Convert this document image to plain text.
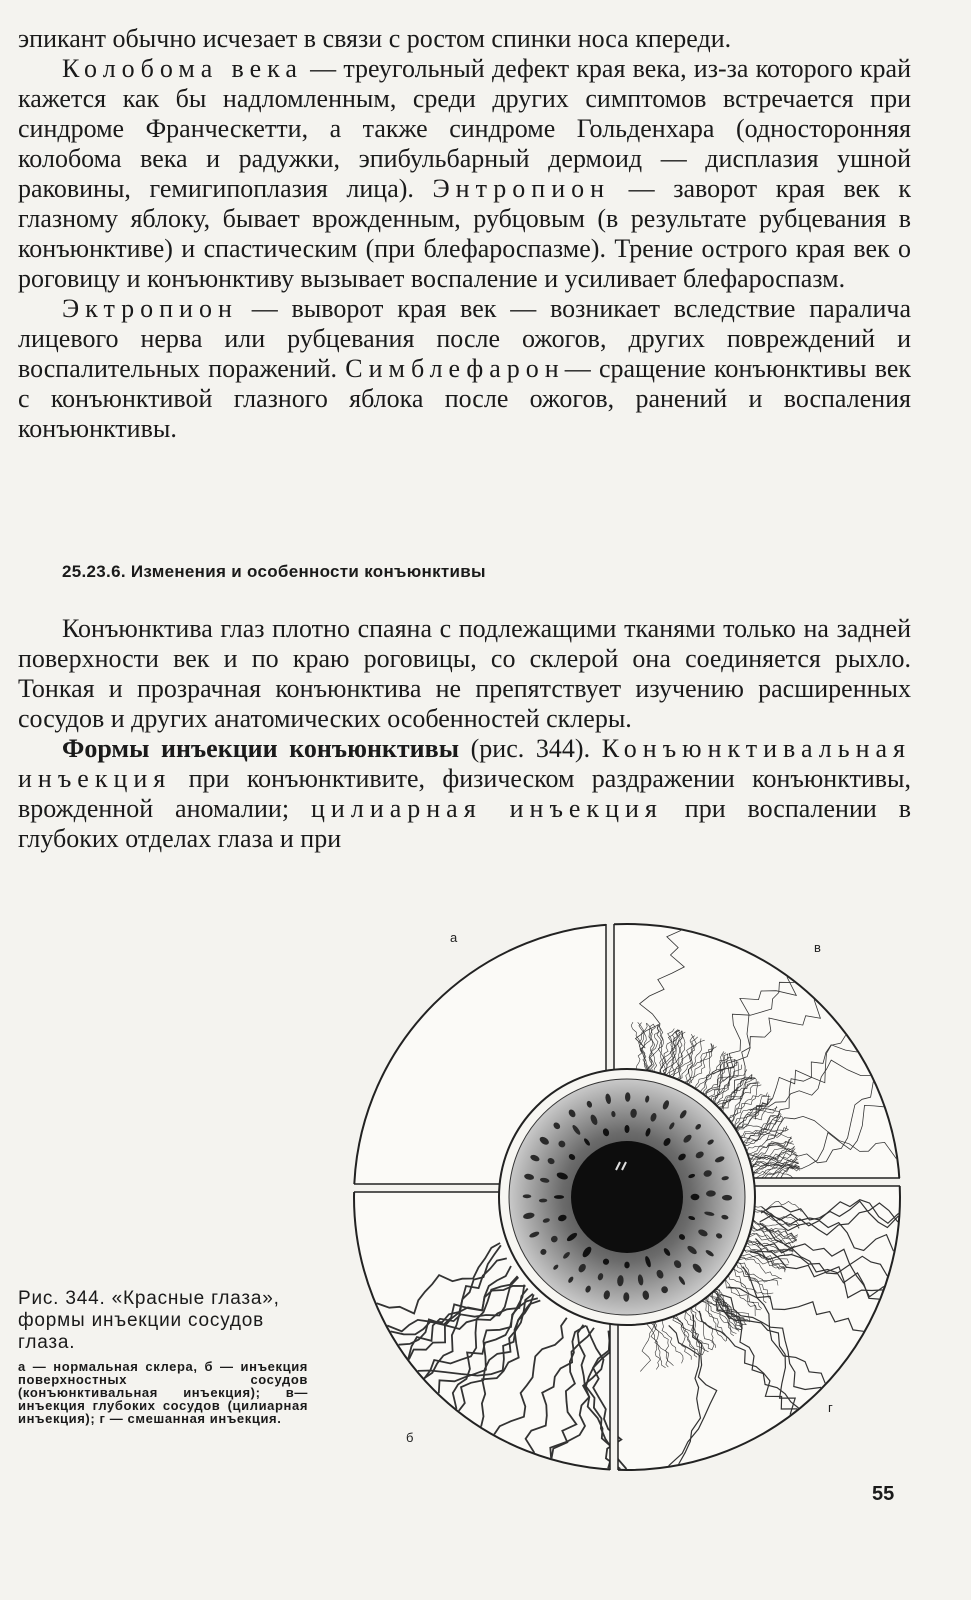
эпикант обычно исчезает в связи с ростом спинки носа кпереди.

Колобома века — треугольный дефект края века, из-за которого край кажется как бы надломленным, среди других симптомов встречается при синдроме Франческетти, а также синдроме Гольденхара (односторонняя колобома века и радужки, эпибульбарный дермоид — дисплазия ушной раковины, гемигипоплазия лица). Энтропион — заворот края век к глазному яблоку, бывает врожденным, рубцовым (в результате рубцевания в конъюнктиве) и спастическим (при блефароспазме). Трение острого края век о роговицу и конъюнктиву вызывает воспаление и усиливает блефароспазм.

Эктропион — выворот края век — возникает вследствие паралича лицевого нерва или рубцевания после ожогов, других повреждений и воспалительных поражений. Симблефарон— сращение конъюнктивы век с конъюнктивой глазного яблока после ожогов, ранений и воспаления конъюнктивы.

25.23.6. Изменения и особенности конъюнктивы

Конъюнктива глаз плотно спаяна с подлежащими тканями только на задней поверхности век и по краю роговицы, со склерой она соединяется рыхло. Тонкая и прозрачная конъюнктива не препятствует изучению расширенных сосудов и других анатомических особенностей склеры.

Формы инъекции конъюнктивы (рис. 344). Конъюнктивальная инъекция при конъюнктивите, физическом раздражении конъюнктивы, врожденной аномалии; цилиарная инъекция при воспалении в глубоких отделах глаза и при

а
б
в
г
Рис. 344. «Красные глаза», формы инъекции сосудов глаза.
а — нормальная склера, б — инъекция поверхностных сосудов (конъюнктивальная инъекция); в—инъекция глубоких сосудов (цилиарная инъекция); г — смешанная инъекция.
55
